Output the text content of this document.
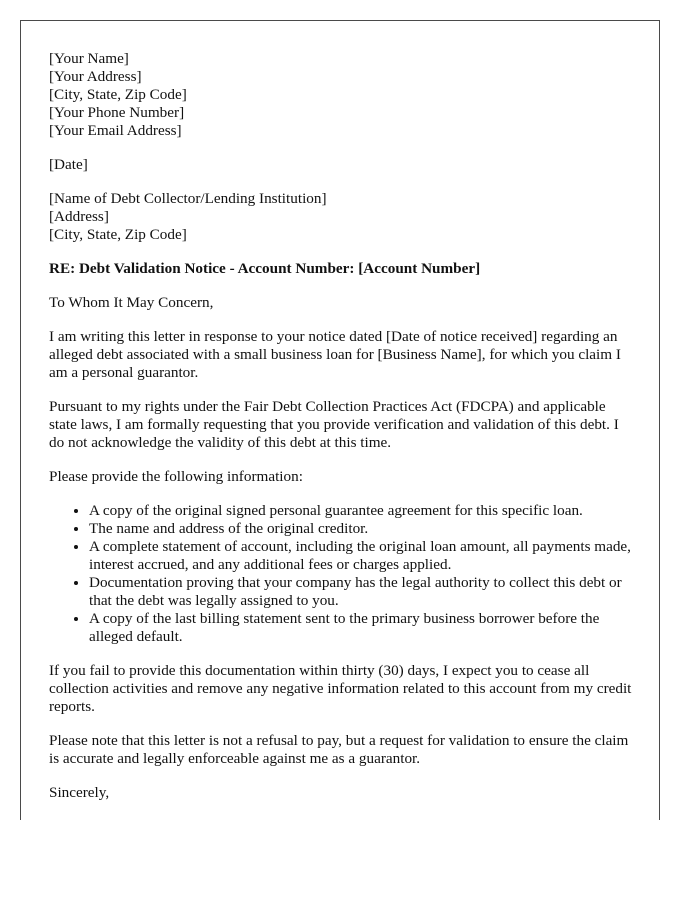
[Your Name]
[Your Address]
[City, State, Zip Code]
[Your Phone Number]
[Your Email Address]
[Date]
[Name of Debt Collector/Lending Institution]
[Address]
[City, State, Zip Code]
RE: Debt Validation Notice - Account Number: [Account Number]

To Whom It May Concern,

I am writing this letter in response to your notice dated [Date of notice received] regarding an alleged debt associated with a small business loan for [Business Name], for which you claim I am a personal guarantor.

Pursuant to my rights under the Fair Debt Collection Practices Act (FDCPA) and applicable state laws, I am formally requesting that you provide verification and validation of this debt. I do not acknowledge the validity of this debt at this time.

Please provide the following information:

• A copy of the original signed personal guarantee agreement for this specific loan.
• The name and address of the original creditor.
• A complete statement of account, including the original loan amount, all payments made, interest accrued, and any additional fees or charges applied.
• Documentation proving that your company has the legal authority to collect this debt or that the debt was legally assigned to you.
• A copy of the last billing statement sent to the primary business borrower before the alleged default.

If you fail to provide this documentation within thirty (30) days, I expect you to cease all collection activities and remove any negative information related to this account from my credit reports.

Please note that this letter is not a refusal to pay, but a request for validation to ensure the claim is accurate and legally enforceable against me as a guarantor.

Sincerely,
